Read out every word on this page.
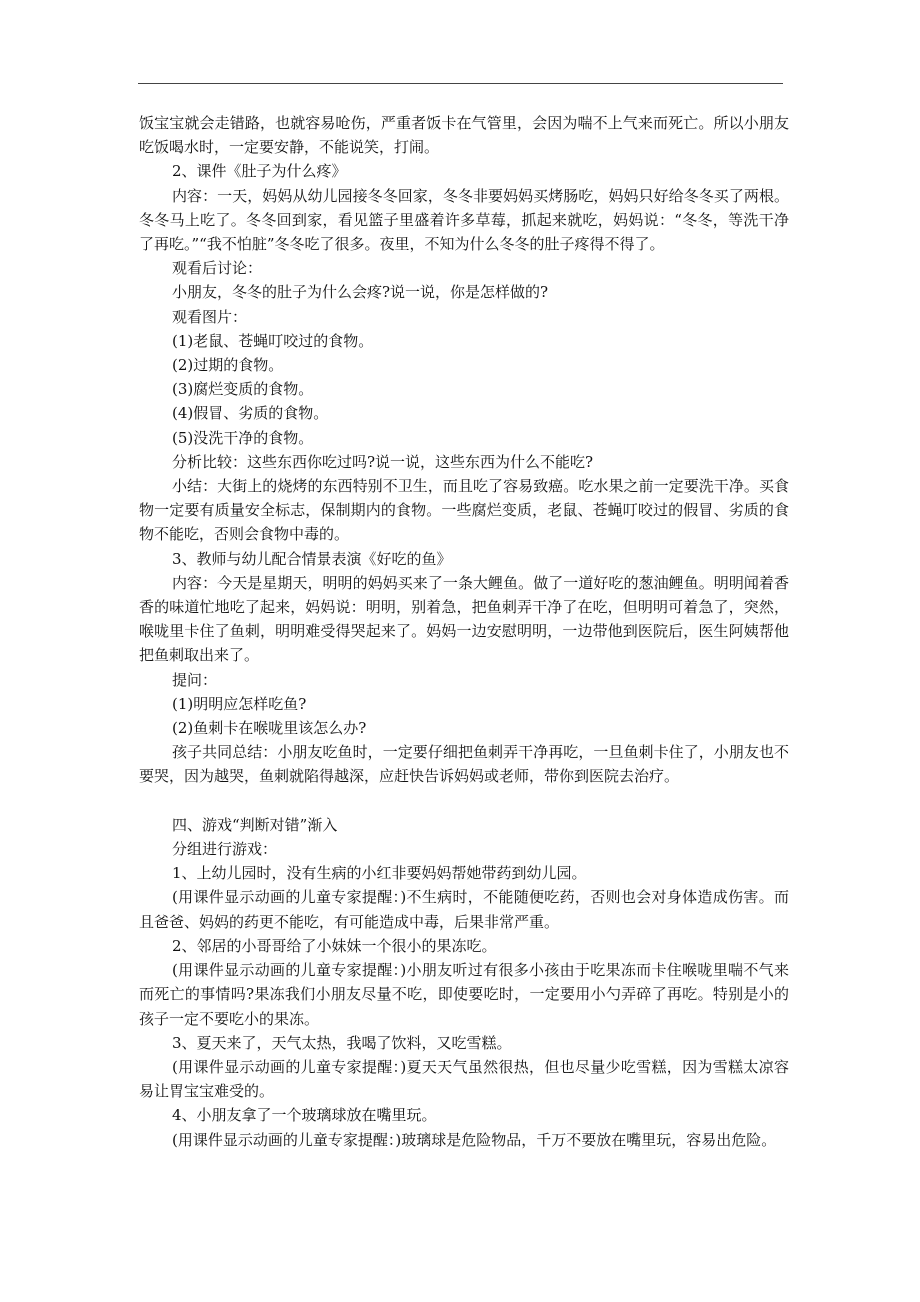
饭宝宝就会走错路，也就容易呛伤，严重者饭卡在气管里，会因为喘不上气来而死亡。所以小朋友吃饭喝水时，一定要安静，不能说笑，打闹。

2、课件《肚子为什么疼》

内容：一天，妈妈从幼儿园接冬冬回家，冬冬非要妈妈买烤肠吃，妈妈只好给冬冬买了两根。冬冬马上吃了。冬冬回到家，看见篮子里盛着许多草莓，抓起来就吃，妈妈说：“冬冬，等洗干净了再吃。”“我不怕脏”冬冬吃了很多。夜里，不知为什么冬冬的肚子疼得不得了。

观看后讨论：

小朋友，冬冬的肚子为什么会疼?说一说，你是怎样做的?

观看图片：

(1)老鼠、苍蝇叮咬过的食物。

(2)过期的食物。

(3)腐烂变质的食物。

(4)假冒、劣质的食物。

(5)没洗干净的食物。

分析比较：这些东西你吃过吗?说一说，这些东西为什么不能吃?

小结：大街上的烧烤的东西特别不卫生，而且吃了容易致癌。吃水果之前一定要洗干净。买食物一定要有质量安全标志，保制期内的食物。一些腐烂变质，老鼠、苍蝇叮咬过的假冒、劣质的食物不能吃，否则会食物中毒的。

3、教师与幼儿配合情景表演《好吃的鱼》

内容：今天是星期天，明明的妈妈买来了一条大鲤鱼。做了一道好吃的葱油鲤鱼。明明闻着香香的味道忙地吃了起来，妈妈说：明明，别着急，把鱼刺弄干净了在吃，但明明可着急了，突然，喉咙里卡住了鱼刺，明明难受得哭起来了。妈妈一边安慰明明，一边带他到医院后，医生阿姨帮他把鱼刺取出来了。

提问：

(1)明明应怎样吃鱼?

(2)鱼刺卡在喉咙里该怎么办?

孩子共同总结：小朋友吃鱼时，一定要仔细把鱼刺弄干净再吃，一旦鱼刺卡住了，小朋友也不要哭，因为越哭，鱼刺就陷得越深，应赶快告诉妈妈或老师，带你到医院去治疗。

四、游戏“判断对错”渐入

分组进行游戏：

1、上幼儿园时，没有生病的小红非要妈妈帮她带药到幼儿园。

(用课件显示动画的儿童专家提醒：)不生病时，不能随便吃药，否则也会对身体造成伤害。而且爸爸、妈妈的药更不能吃，有可能造成中毒，后果非常严重。

2、邻居的小哥哥给了小妹妹一个很小的果冻吃。

(用课件显示动画的儿童专家提醒：)小朋友听过有很多小孩由于吃果冻而卡住喉咙里喘不气来而死亡的事情吗?果冻我们小朋友尽量不吃，即使要吃时，一定要用小勺弄碎了再吃。特别是小的孩子一定不要吃小的果冻。

3、夏天来了，天气太热，我喝了饮料，又吃雪糕。

(用课件显示动画的儿童专家提醒：)夏天天气虽然很热，但也尽量少吃雪糕，因为雪糕太凉容易让胃宝宝难受的。

4、小朋友拿了一个玻璃球放在嘴里玩。

(用课件显示动画的儿童专家提醒：)玻璃球是危险物品，千万不要放在嘴里玩，容易出危险。
